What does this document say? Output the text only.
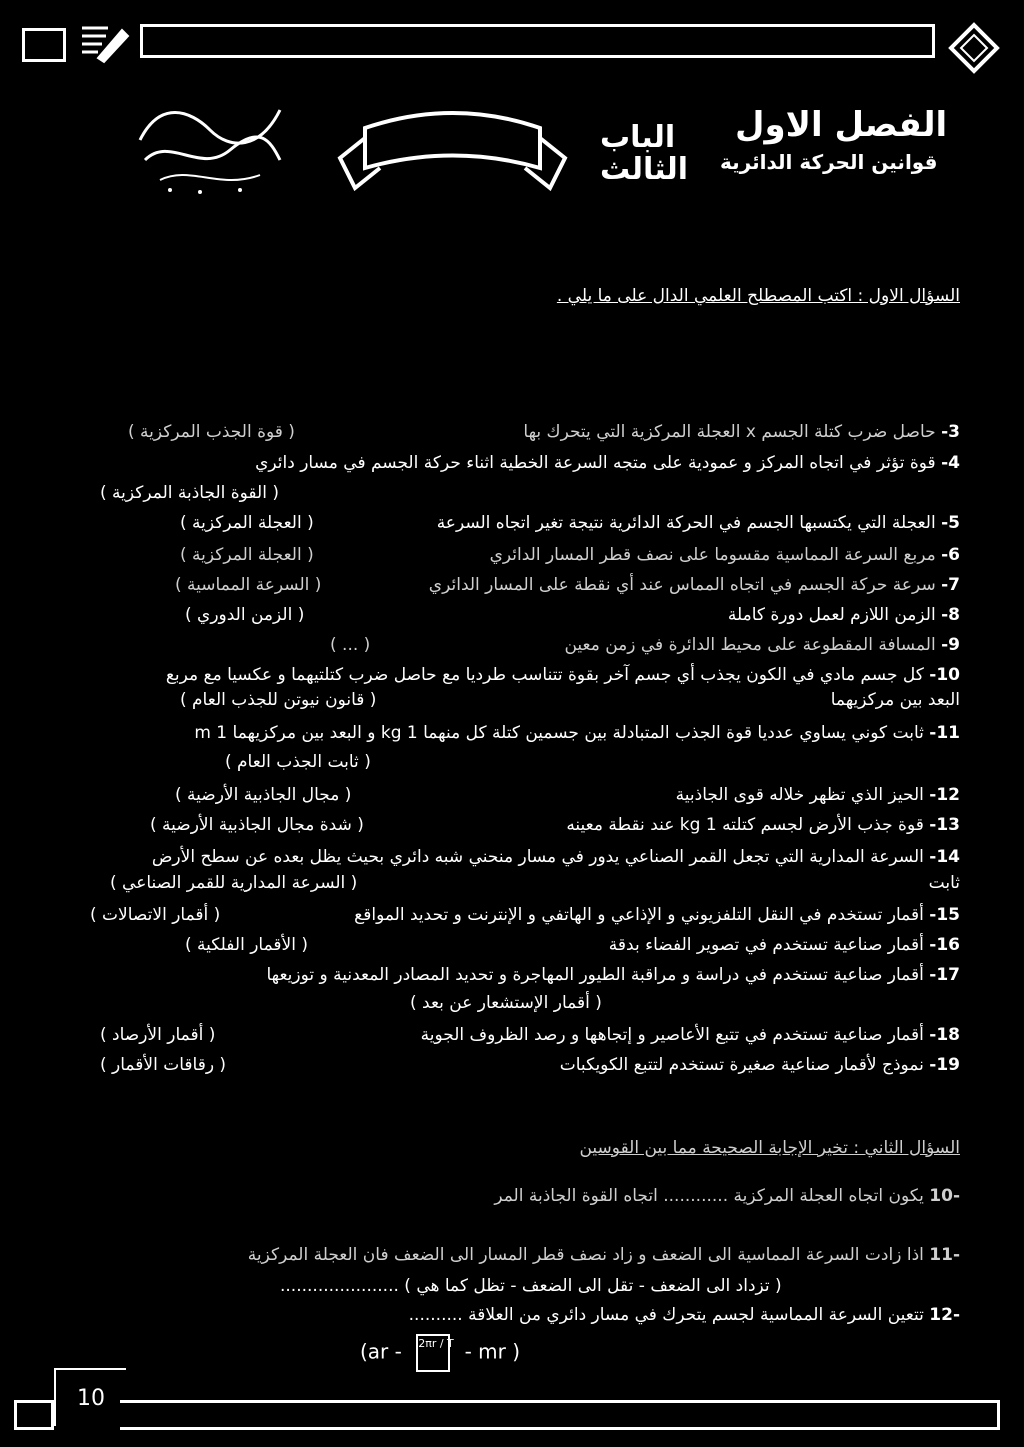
الباب
الثالث
الفصل الاول
قوانين الحركة الدائرية
السؤال الاول : اكتب المصطلح العلمي الدال على ما يلي .
3- حاصل ضرب كتلة الجسم x العجلة المركزية التي يتحرك بها
( قوة الجذب المركزية )
4- قوة تؤثر في اتجاه المركز و عمودية على متجه السرعة الخطية اثناء حركة الجسم في مسار دائري
( القوة الجاذبة المركزية )
5- العجلة التي يكتسبها الجسم في الحركة الدائرية نتيجة تغير اتجاه السرعة
( العجلة المركزية )
6- مربع السرعة المماسية مقسوما على نصف قطر المسار الدائري
( العجلة المركزية )
7- سرعة حركة الجسم في اتجاه المماس عند أي نقطة على المسار الدائري
( السرعة المماسية )
8- الزمن اللازم لعمل دورة كاملة
( الزمن الدوري )
9- المسافة المقطوعة على محيط الدائرة في زمن معين
( ... )
10- كل جسم مادي في الكون يجذب أي جسم آخر بقوة تتناسب طرديا مع حاصل ضرب كتلتيهما و عكسيا مع مربع
البعد بين مركزيهما
( قانون نيوتن للجذب العام )
11- ثابت كوني يساوي عدديا قوة الجذب المتبادلة بين جسمين كتلة كل منهما 1 kg و البعد بين مركزيهما 1 m
( ثابت الجذب العام )
12- الحيز الذي تظهر خلاله قوى الجاذبية
( مجال الجاذبية الأرضية )
13- قوة جذب الأرض لجسم كتلته 1 kg عند نقطة معينه
( شدة مجال الجاذبية الأرضية )
14- السرعة المدارية التي تجعل القمر الصناعي يدور في مسار منحني شبه دائري بحيث يظل بعده عن سطح الأرض
ثابت
( السرعة المدارية للقمر الصناعي )
15- أقمار تستخدم في النقل التلفزيوني و الإذاعي و الهاتفي و الإنترنت و تحديد المواقع
( أقمار الاتصالات )
16- أقمار صناعية تستخدم في تصوير الفضاء بدقة
( الأقمار الفلكية )
17- أقمار صناعية تستخدم في دراسة و مراقبة الطيور المهاجرة و تحديد المصادر المعدنية و توزيعها
( أقمار الإستشعار عن بعد )
18- أقمار صناعية تستخدم في تتبع الأعاصير و إتجاهها و رصد الظروف الجوية
( أقمار الأرصاد )
19- نموذج لأقمار صناعية صغيرة تستخدم لتتبع الكويكبات
( رقاقات الأقمار )
السؤال الثاني : تخير الإجابة الصحيحة مما بين القوسين
-10 يكون اتجاه العجلة المركزية ............ اتجاه القوة الجاذبة المر
-11 اذا زادت السرعة المماسية الى الضعف و زاد نصف قطر المسار الى الضعف فان العجلة المركزية
( تزداد الى الضعف - تقل الى الضعف - تظل كما هي ) ......................
-12 تتعين السرعة المماسية لجسم يتحرك في مسار دائري من العلاقة ..........
(ar - 2πr / T - mr )
10
